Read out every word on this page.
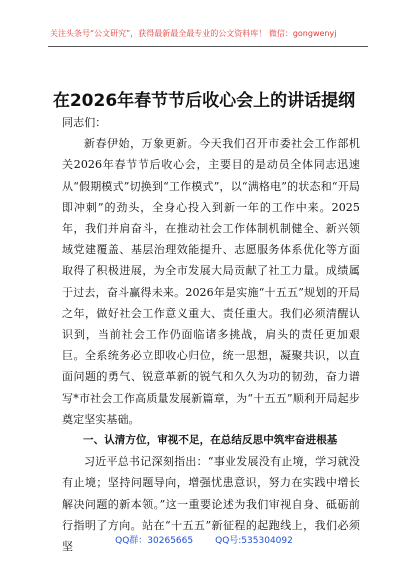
关注头条号“公文研究”，获得最新最全最专业的公文资料库！ 微信：gongwenyj
在2026年春节节后收心会上的讲话提纲

同志们：

新春伊始，万象更新。今天我们召开市委社会工作部机关2026年春节节后收心会，主要目的是动员全体同志迅速从“假期模式”切换到“工作模式”，以“满格电”的状态和“开局即冲刺”的劲头，全身心投入到新一年的工作中来。2025年，我们并肩奋斗，在推动社会工作体制机制健全、新兴领域党建覆盖、基层治理效能提升、志愿服务体系优化等方面取得了积极进展，为全市发展大局贡献了社工力量。成绩属于过去，奋斗赢得未来。2026年是实施“十五五”规划的开局之年，做好社会工作意义重大、责任重大。我们必须清醒认识到，当前社会工作仍面临诸多挑战，肩头的责任更加艰巨。全系统务必立即收心归位，统一思想，凝聚共识，以直面问题的勇气、锐意革新的锐气和久久为功的韧劲，奋力谱写*市社会工作高质量发展新篇章，为“十五五”顺利开局起步奠定坚实基础。

一、认清方位，审视不足，在总结反思中筑牢奋进根基

习近平总书记深刻指出：“事业发展没有止境，学习就没有止境；坚持问题导向，增强忧患意识，努力在实践中增长解决问题的新本领。”这一重要论述为我们审视自身、砥砺前行指明了方向。站在“十五五”新征程的起跑线上，我们必须坚	QQ群：30265665 QQ号:535304092
